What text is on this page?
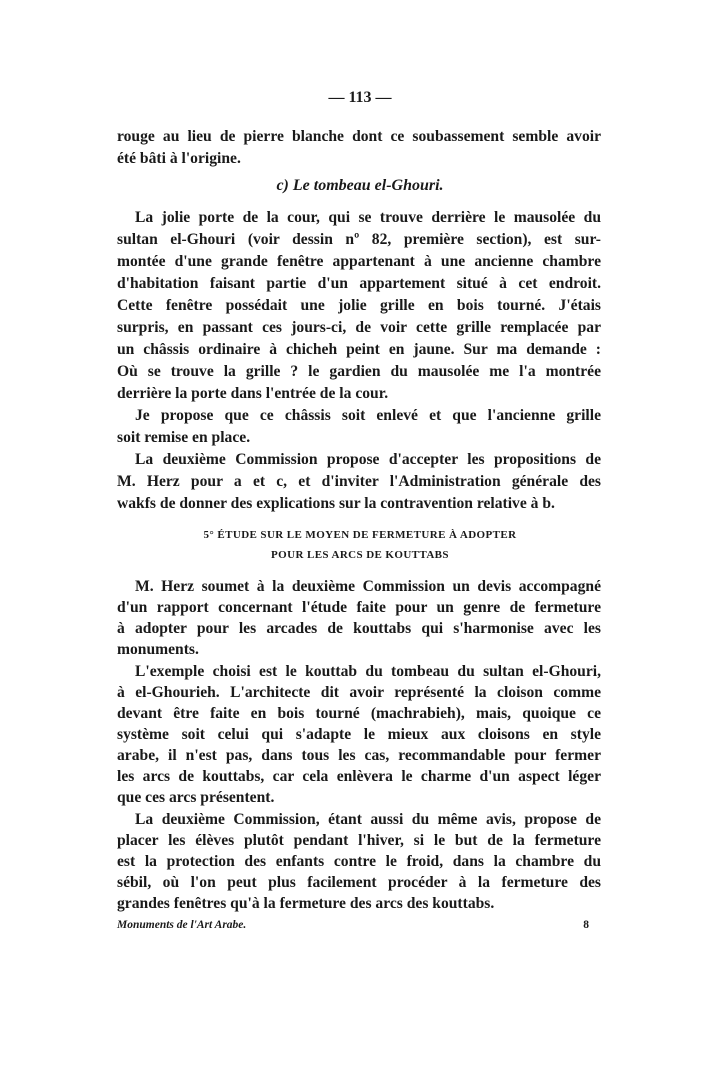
— 113 —
rouge au lieu de pierre blanche dont ce soubassement semble avoir
été bâti à l'origine.
c) Le tombeau el-Ghouri.
La jolie porte de la cour, qui se trouve derrière le mausolée du
sultan el-Ghouri (voir dessin nº 82, première section), est sur-
montée d'une grande fenêtre appartenant à une ancienne chambre
d'habitation faisant partie d'un appartement situé à cet endroit.
Cette fenêtre possédait une jolie grille en bois tourné. J'étais
surpris, en passant ces jours-ci, de voir cette grille remplacée par
un châssis ordinaire à chicheh peint en jaune. Sur ma demande :
Où se trouve la grille ? le gardien du mausolée me l'a montrée
derrière la porte dans l'entrée de la cour.
Je propose que ce châssis soit enlevé et que l'ancienne grille
soit remise en place.
La deuxième Commission propose d'accepter les propositions de
M. Herz pour a et c, et d'inviter l'Administration générale des
wakfs de donner des explications sur la contravention relative à b.
5° ÉTUDE SUR LE MOYEN DE FERMETURE À ADOPTER
POUR LES ARCS DE KOUTTABS
M. Herz soumet à la deuxième Commission un devis accompagné
d'un rapport concernant l'étude faite pour un genre de fermeture
à adopter pour les arcades de kouttabs qui s'harmonise avec les
monuments.
L'exemple choisi est le kouttab du tombeau du sultan el-Ghouri,
à el-Ghourieh. L'architecte dit avoir représenté la cloison comme
devant être faite en bois tourné (machrabieh), mais, quoique ce
système soit celui qui s'adapte le mieux aux cloisons en style
arabe, il n'est pas, dans tous les cas, recommandable pour fermer
les arcs de kouttabs, car cela enlèvera le charme d'un aspect léger
que ces arcs présentent.
La deuxième Commission, étant aussi du même avis, propose de
placer les élèves plutôt pendant l'hiver, si le but de la fermeture
est la protection des enfants contre le froid, dans la chambre du
sébil, où l'on peut plus facilement procéder à la fermeture des
grandes fenêtres qu'à la fermeture des arcs des kouttabs.
Monuments de l'Art Arabe.	8
